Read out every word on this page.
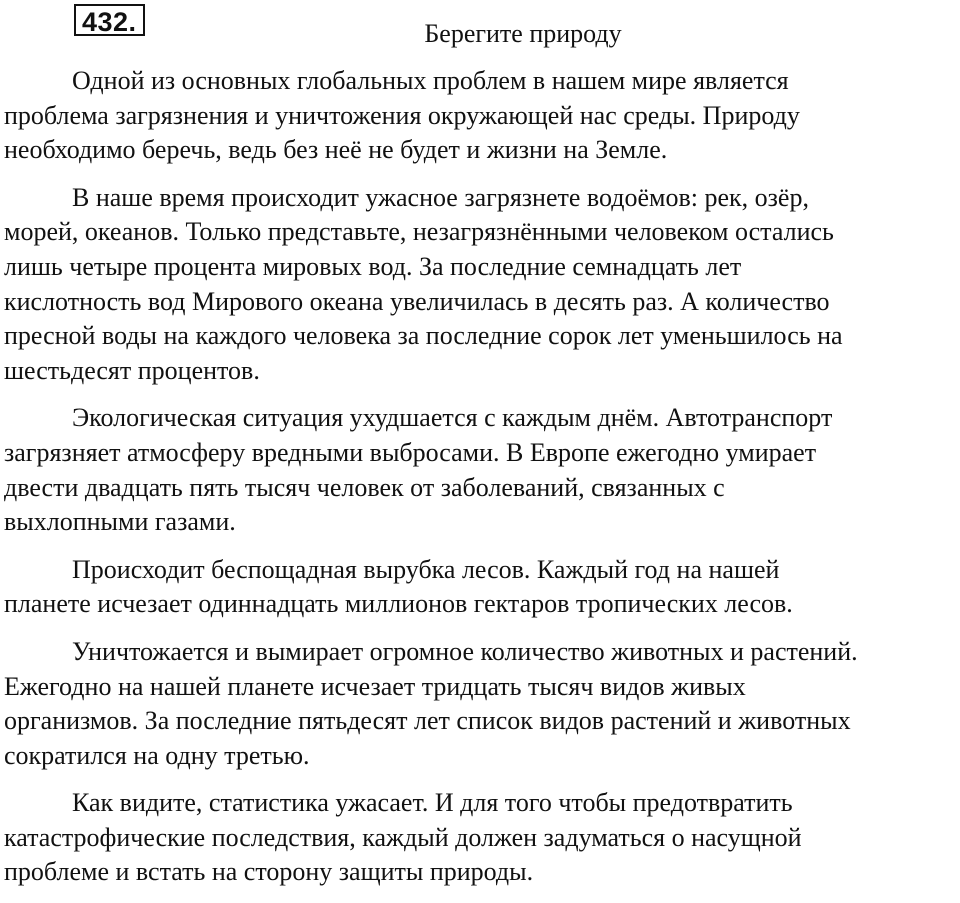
432.	Берегите природу

Одной из основных глобальных проблем в нашем мире является
проблема загрязнения и уничтожения окружающей нас среды. Природу
необходимо беречь, ведь без неё не будет и жизни на Земле.

В наше время происходит ужасное загрязнете водоёмов: рек, озёр,
морей, океанов. Только представьте, незагрязнёнными человеком остались
лишь четыре процента мировых вод. За последние семнадцать лет
кислотность вод Мирового океана увеличилась в десять раз. А количество
пресной воды на каждого человека за последние сорок лет уменьшилось на
шестьдесят процентов.

Экологическая ситуация ухудшается с каждым днём. Автотранспорт
загрязняет атмосферу вредными выбросами. В Европе ежегодно умирает
двести двадцать пять тысяч человек от заболеваний, связанных с
выхлопными газами.

Происходит беспощадная вырубка лесов. Каждый год на нашей
планете исчезает одиннадцать миллионов гектаров тропических лесов.

Уничтожается и вымирает огромное количество животных и растений.
Ежегодно на нашей планете исчезает тридцать тысяч видов живых
организмов. За последние пятьдесят лет список видов растений и животных
сократился на одну третью.

Как видите, статистика ужасает. И для того чтобы предотвратить
катастрофические последствия, каждый должен задуматься о насущной
проблеме и встать на сторону защиты природы.
